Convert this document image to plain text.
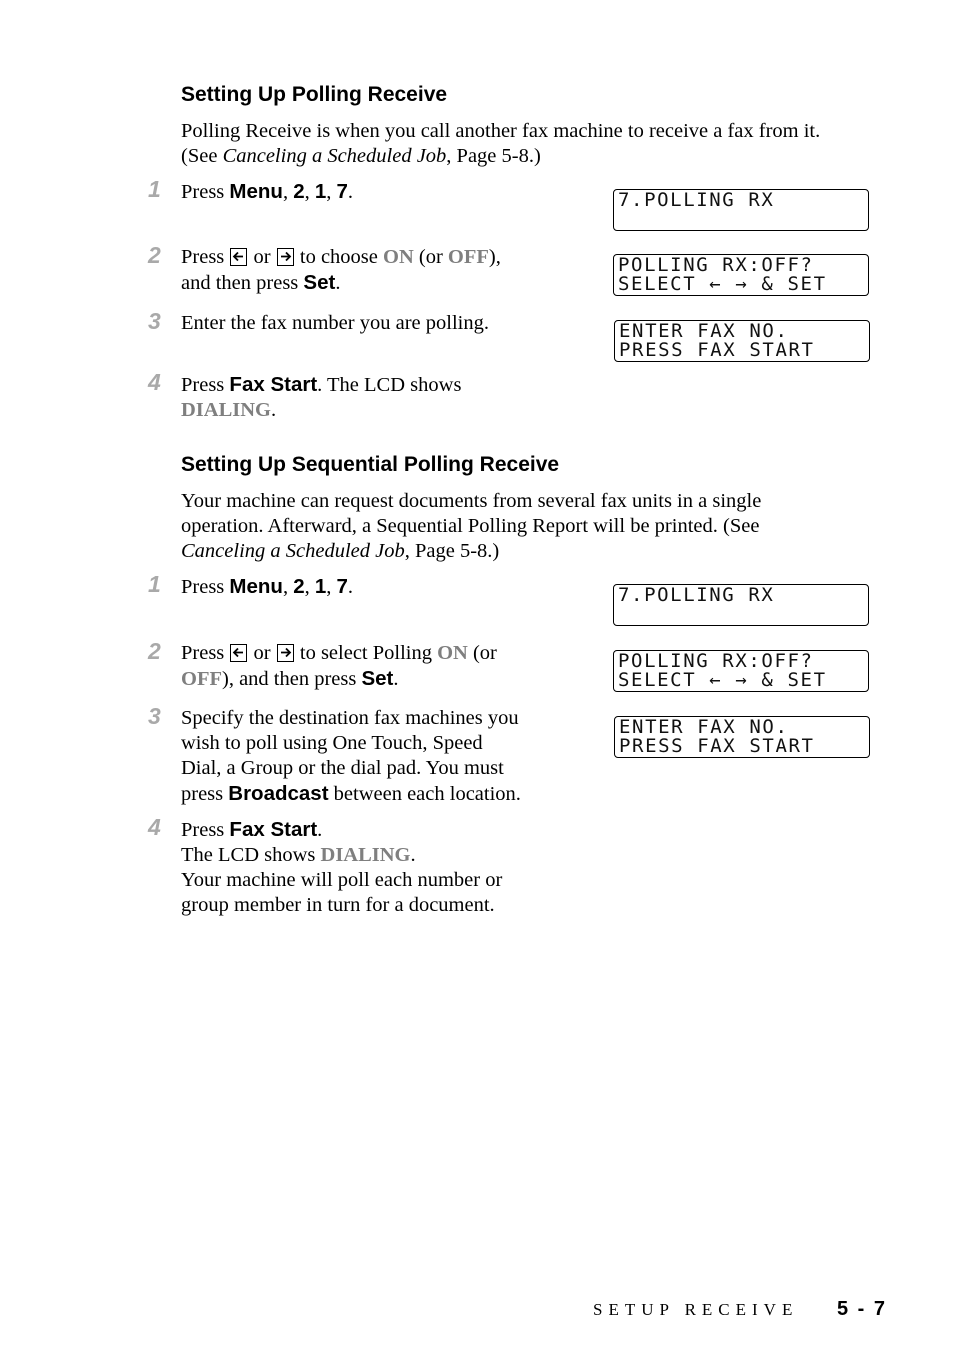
Setting Up Polling Receive
Polling Receive is when you call another fax machine to receive a fax from it.
(See Canceling a Scheduled Job, Page 5-8.)
1 Press Menu, 2, 1, 7.
2 Press
or
to choose ON (or OFF),
and then press Set.
3 Enter the fax number you are polling.
4 Press Fax Start. The LCD shows
DIALING.
7.POLLING RX
POLLING RX:OFF?
SELECT ← → & SET
ENTER FAX NO.
PRESS FAX START
Setting Up Sequential Polling Receive
Your machine can request documents from several fax units in a single
operation. Afterward, a Sequential Polling Report will be printed. (See
Canceling a Scheduled Job, Page 5-8.)
1 Press Menu, 2, 1, 7.
2 Press
or
to select Polling ON (or
OFF), and then press Set.
3 Specify the destination fax machines you
wish to poll using One Touch, Speed
Dial, a Group or the dial pad. You must
press Broadcast between each location.
4 Press Fax Start.
The LCD shows DIALING.
Your machine will poll each number or
group member in turn for a document.
7.POLLING RX
POLLING RX:OFF?
SELECT ← → & SET
ENTER FAX NO.
PRESS FAX START
SETUP RECEIVE 5 - 7
